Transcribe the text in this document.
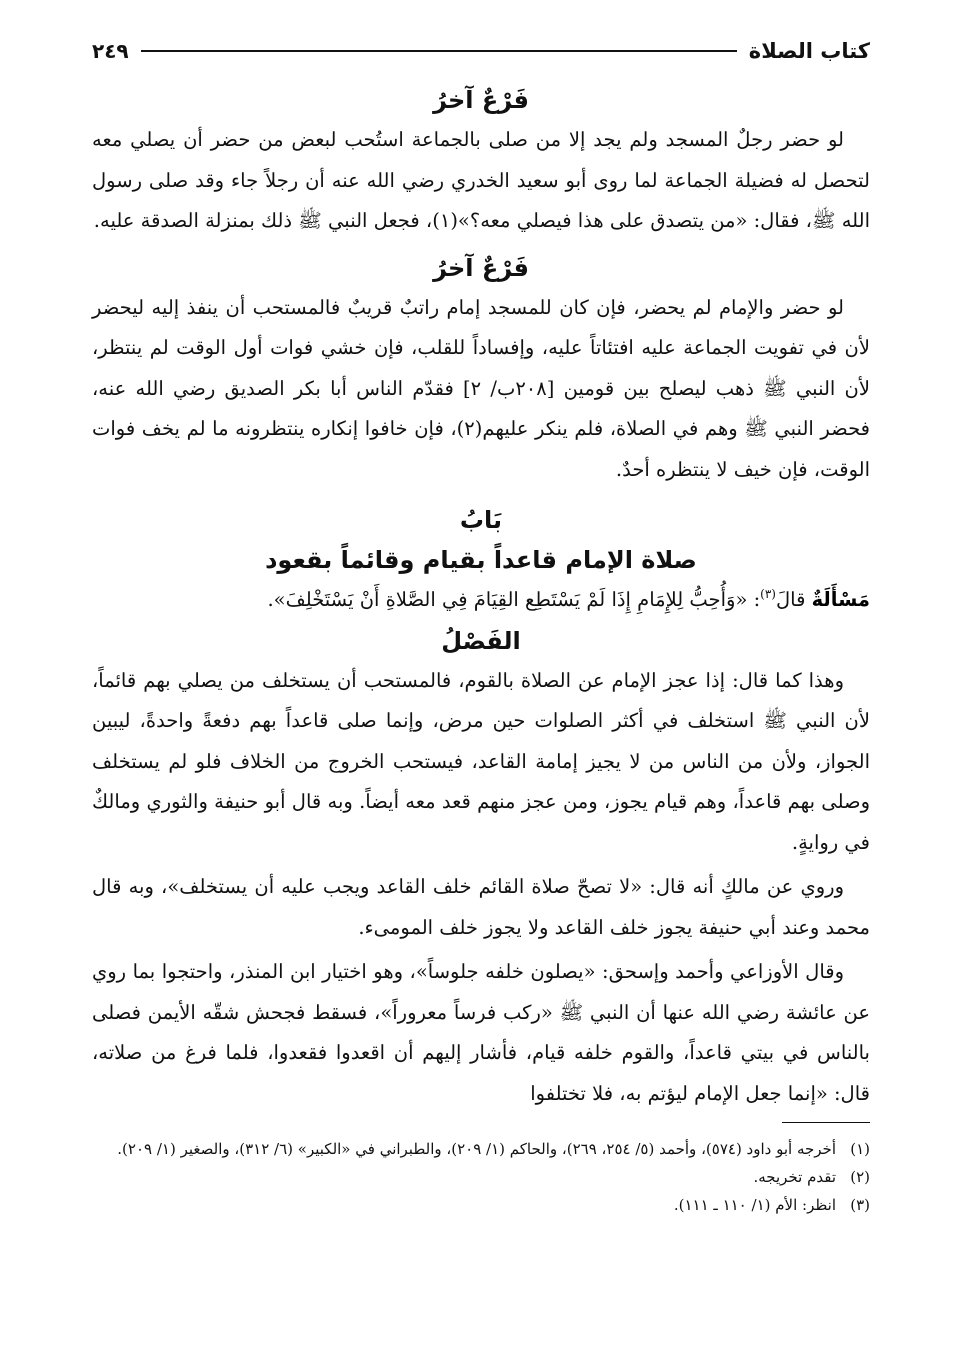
كتاب الصلاة
٢٤٩
فَرْعٌ آخرُ

لو حضر رجلٌ المسجد ولم يجد إلا من صلى بالجماعة استُحب لبعض من حضر أن يصلي معه لتحصل له فضيلة الجماعة لما روى أبو سعيد الخدري رضي الله عنه أن رجلاً جاء وقد صلى رسول الله ﷺ، فقال: «من يتصدق على هذا فيصلي معه؟»(١)، فجعل النبي ﷺ ذلك بمنزلة الصدقة عليه.

فَرْعٌ آخرُ

لو حضر والإمام لم يحضر، فإن كان للمسجد إمام راتبٌ قريبٌ فالمستحب أن ينفذ إليه ليحضر لأن في تفويت الجماعة عليه افتئاتاً عليه، وإفساداً للقلب، فإن خشي فوات أول الوقت لم ينتظر، لأن النبي ﷺ ذهب ليصلح بين قومين [٢٠٨ب/ ٢] فقدّم الناس أبا بكر الصديق رضي الله عنه، فحضر النبي ﷺ وهم في الصلاة، فلم ينكر عليهم(٢)، فإن خافوا إنكاره ينتظرونه ما لم يخف فوات الوقت، فإن خيف لا ينتظره أحدٌ.

بَابُ
صلاة الإمام قاعداً بقيام وقائماً بقعود

مَسْأَلَةٌ قالَ$^{(٣)}$: «وَأُحِبُّ لِلإِمَامِ إِذَا لَمْ يَسْتَطِع القِيَامَ فِي الصَّلاةِ أَنْ يَسْتَخْلِفَ».

الفَصْلُ

وهذا كما قال: إذا عجز الإمام عن الصلاة بالقوم، فالمستحب أن يستخلف من يصلي بهم قائماً، لأن النبي ﷺ استخلف في أكثر الصلوات حين مرض، وإنما صلى قاعداً بهم دفعةً واحدةً، ليبين الجواز، ولأن من الناس من لا يجيز إمامة القاعد، فيستحب الخروج من الخلاف فلو لم يستخلف وصلى بهم قاعداً، وهم قيام يجوز، ومن عجز منهم قعد معه أيضاً. وبه قال أبو حنيفة والثوري ومالكٌ في روايةٍ.

وروي عن مالكٍ أنه قال: «لا تصحّ صلاة القائم خلف القاعد ويجب عليه أن يستخلف»، وبه قال محمد وعند أبي حنيفة يجوز خلف القاعد ولا يجوز خلف المومىء.

وقال الأوزاعي وأحمد وإسحق: «يصلون خلفه جلوساً»، وهو اختيار ابن المنذر، واحتجوا بما روي عن عائشة رضي الله عنها أن النبي ﷺ «ركب فرساً معروراً»، فسقط فجحش شقّه الأيمن فصلى بالناس في بيتي قاعداً، والقوم خلفه قيام، فأشار إليهم أن اقعدوا فقعدوا، فلما فرغ من صلاته، قال: «إنما جعل الإمام ليؤتم به، فلا تختلفوا

(١)
أخرجه أبو داود (٥٧٤)، وأحمد (٥/ ٢٥٤، ٢٦٩)، والحاكم (١/ ٢٠٩)، والطبراني في «الكبير» (٦/ ٣١٢)، والصغير (١/ ٢٠٩).
(٢)
تقدم تخريجه.
(٣)
انظر: الأم (١/ ١١٠ ـ ١١١).
